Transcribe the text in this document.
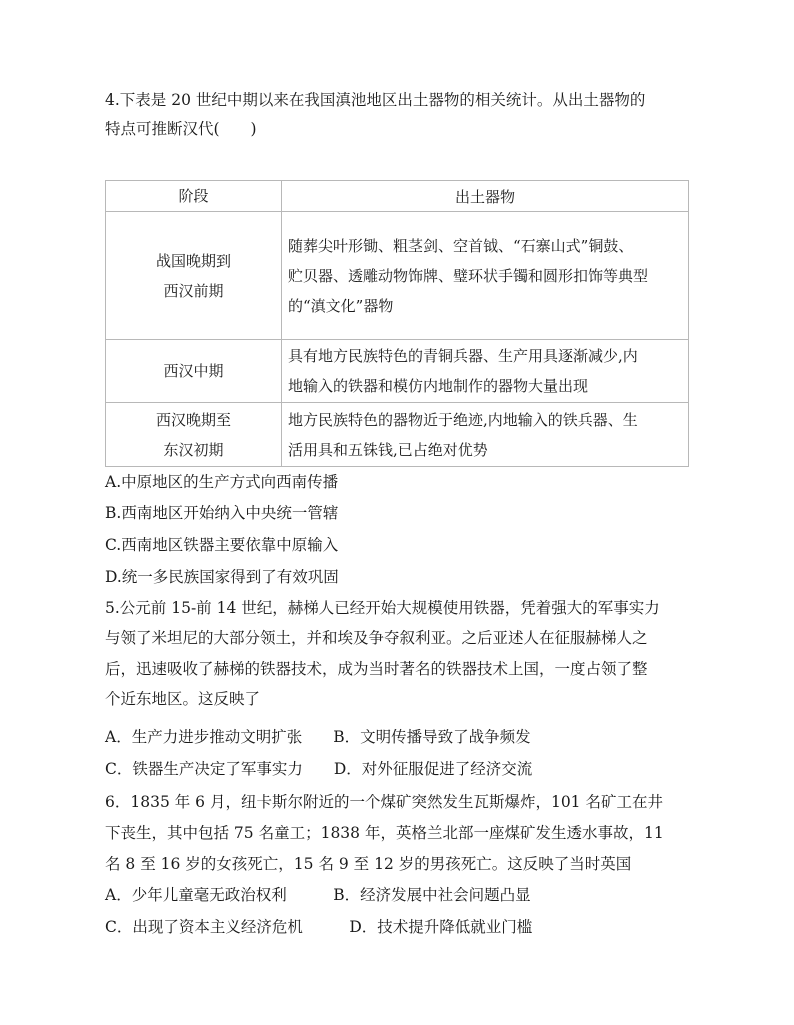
4.下表是 20 世纪中期以来在我国滇池地区出土器物的相关统计。从出土器物的
特点可推断汉代(　　)
阶段	出土器物

战国晚期到
西汉前期	随葬尖叶形锄、粗茎剑、空首钺、“石寨山式”铜鼓、
贮贝器、透雕动物饰牌、璧环状手镯和圆形扣饰等典型
的“滇文化”器物

西汉中期	具有地方民族特色的青铜兵器、生产用具逐渐减少,内
地输入的铁器和模仿内地制作的器物大量出现

西汉晚期至
东汉初期	地方民族特色的器物近于绝迹,内地输入的铁兵器、生
活用具和五铢钱,已占绝对优势
A.中原地区的生产方式向西南传播
B.西南地区开始纳入中央统一管辖
C.西南地区铁器主要依靠中原输入
D.统一多民族国家得到了有效巩固
5.公元前 15-前 14 世纪，赫梯人已经开始大规模使用铁器，凭着强大的军事实力
与领了米坦尼的大部分领土，并和埃及争夺叙利亚。之后亚述人在征服赫梯人之
后，迅速吸收了赫梯的铁器技术，成为当时著名的铁器技术上国，一度占领了整
个近东地区。这反映了
A．生产力进步推动文明扩张　　B．文明传播导致了战争频发
C．铁器生产决定了军事实力　　D．对外征服促进了经济交流
6．1835 年 6 月，纽卡斯尔附近的一个煤矿突然发生瓦斯爆炸，101 名矿工在井
下丧生，其中包括 75 名童工；1838 年，英格兰北部一座煤矿发生透水事故，11
名 8 至 16 岁的女孩死亡，15 名 9 至 12 岁的男孩死亡。这反映了当时英国
A．少年儿童毫无政治权利　　　B．经济发展中社会问题凸显
C．出现了资本主义经济危机　　　D．技术提升降低就业门槛
